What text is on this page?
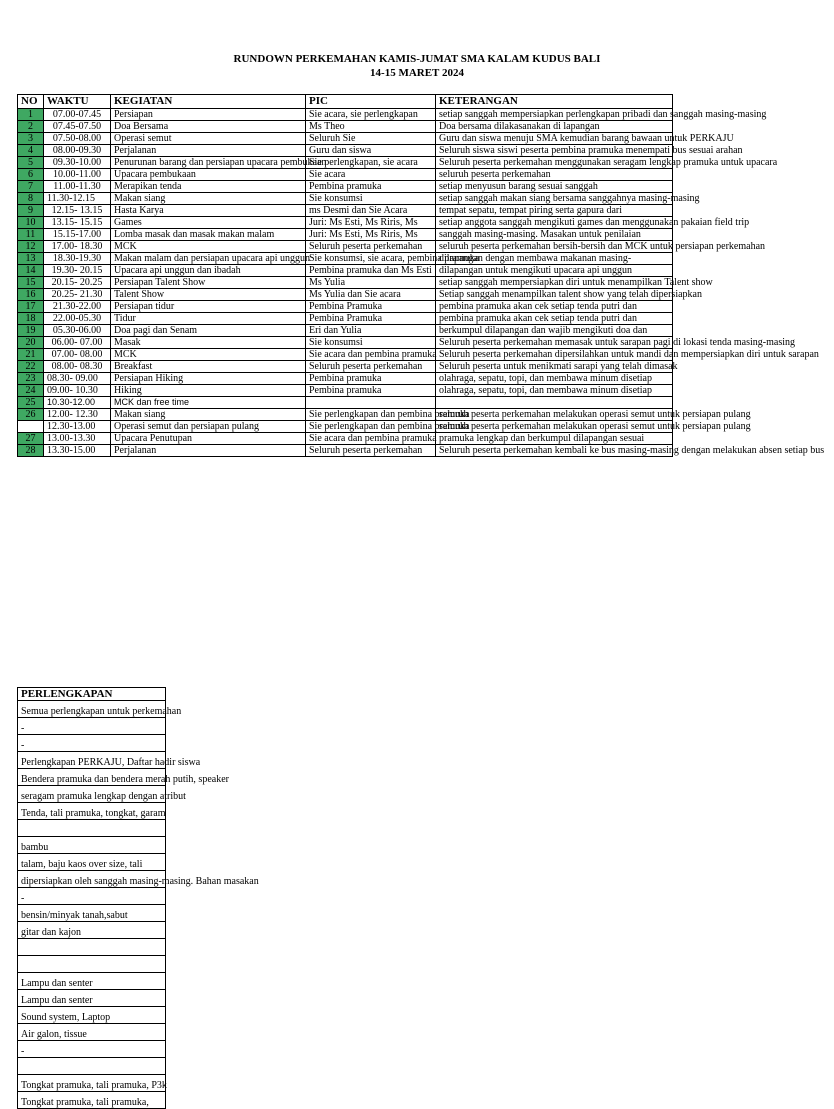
RUNDOWN PERKEMAHAN KAMIS-JUMAT SMA KALAM KUDUS BALI
14-15 MARET 2024
NO	WAKTU	KEGIATAN	PIC	KETERANGAN
1	07.00-07.45	Persiapan	Sie acara, sie perlengkapan	setiap sanggah mempersiapkan perlengkapan pribadi dan sanggah masing-masing
2	07.45-07.50	Doa Bersama	Ms Theo	Doa bersama dilakasanakan di lapangan
3	07.50-08.00	Operasi semut	Seluruh Sie	Guru dan siswa menuju SMA kemudian barang bawaan untuk PERKAJU
4	08.00-09.30	Perjalanan	Guru dan siswa	Seluruh siswa siswi peserta pembina pramuka menempati bus sesuai arahan
5	09.30-10.00	Penurunan barang dan persiapan upacara pembukaan	Sie perlengkapan, sie acara	Seluruh peserta perkemahan menggunakan seragam lengkap pramuka untuk upacara
6	10.00-11.00	Upacara pembukaan	Sie acara	seluruh peserta perkemahan
7	11.00-11.30	Merapikan tenda	Pembina pramuka	setiap menyusun barang sesuai sanggah
8	11.30-12.15	Makan siang	Sie konsumsi	setiap sanggah makan siang bersama sanggahnya masing-masing
9	12.15- 13.15	Hasta Karya	ms Desmi dan Sie Acara	tempat sepatu, tempat piring serta gapura dari
10	13.15- 15.15	Games	Juri: Ms Esti, Ms Riris, Ms	setiap anggota sanggah mengikuti games dan menggunakan pakaian field trip
11	15.15-17.00	Lomba masak dan masak makan malam	Juri: Ms Esti, Ms Riris, Ms	sanggah masing-masing. Masakan untuk penilaian
12	17.00- 18.30	MCK	Seluruh peserta perkemahan	seluruh peserta perkemahan bersih-bersih dan MCK untuk persiapan perkemahan
13	18.30-19.30	Makan malam dan persiapan upacara api unggun	Sie konsumsi, sie acara, pembina pramuka	dilapangan dengan membawa makanan masing-
14	19.30- 20.15	Upacara api unggun dan ibadah	Pembina pramuka dan Ms Esti	dilapangan untuk mengikuti upacara api unggun
15	20.15- 20.25	Persiapan Talent Show	Ms Yulia	setiap sanggah mempersiapkan diri untuk menampilkan Talent show
16	20.25- 21.30	Talent Show	Ms Yulia dan Sie acara	Setiap sanggah menampilkan talent show yang telah dipersiapkan
17	21.30-22.00	Persiapan tidur	Pembina Pramuka	pembina pramuka akan cek setiap tenda putri dan
18	22.00-05.30	Tidur	Pembina Pramuka	pembina pramuka akan cek setiap tenda putri dan
19	05.30-06.00	Doa pagi dan Senam	Eri dan Yulia	berkumpul dilapangan dan wajib mengikuti doa dan
20	06.00- 07.00	Masak	Sie konsumsi	Seluruh peserta perkemahan memasak untuk sarapan pagi di lokasi tenda masing-masing
21	07.00- 08.00	MCK	Sie acara dan pembina pramuka	Seluruh peserta perkemahan dipersilahkan untuk mandi dan mempersiapkan diri untuk sarapan
22	08.00- 08.30	Breakfast	Seluruh peserta perkemahan	Seluruh peserta untuk menikmati sarapi yang telah dimasak
23	08.30- 09.00	Persiapan Hiking	Pembina pramuka	olahraga, sepatu, topi, dan membawa minum disetiap
24	09.00- 10.30	Hiking	Pembina pramuka	olahraga, sepatu, topi, dan membawa minum disetiap
25	10.30-12.00	MCK dan free time		
26	12.00- 12.30	Makan siang	Sie perlengkapan dan pembina pramuka	seluruh peserta perkemahan melakukan operasi semut untuk persiapan pulang
	12.30-13.00	Operasi semut dan persiapan pulang	Sie perlengkapan dan pembina pramuka	seluruh peserta perkemahan melakukan operasi semut untuk persiapan pulang
27	13.00-13.30	Upacara Penutupan	Sie acara dan pembina pramuka	pramuka lengkap dan berkumpul dilapangan sesuai
28	13.30-15.00	Perjalanan	Seluruh peserta perkemahan	Seluruh peserta perkemahan kembali ke bus masing-masing dengan melakukan absen setiap bus
PERLENGKAPAN
Semua perlengkapan untuk perkemahan
-
-
Perlengkapan PERKAJU, Daftar hadir siswa
Bendera pramuka dan bendera merah putih, speaker
seragam pramuka lengkap dengan atribut
Tenda, tali pramuka, tongkat, garam

bambu
talam, baju kaos over size, tali
dipersiapkan oleh sanggah masing-masing. Bahan masakan
-
bensin/minyak tanah,sabut
gitar dan kajon

Lampu dan senter
Lampu dan senter
Sound system, Laptop
Air galon, tissue
-

Tongkat pramuka, tali pramuka, P3k
Tongkat pramuka, tali pramuka,
